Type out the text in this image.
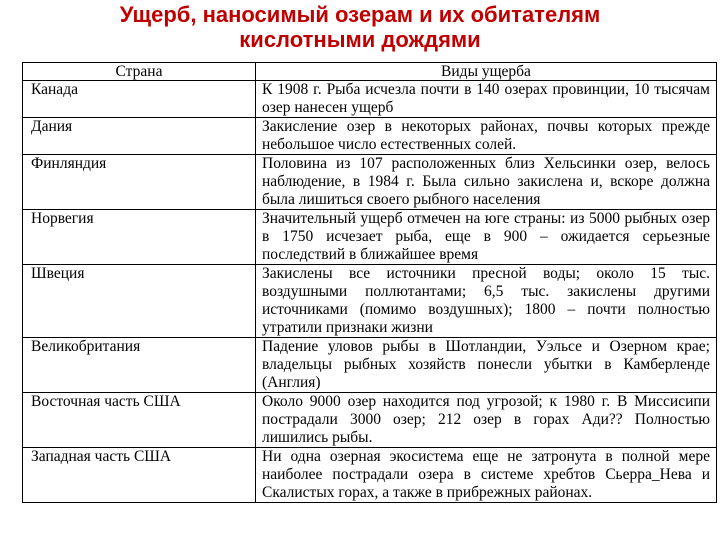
Ущерб, наносимый озерам и их обитателям
кислотными дождями
Страна	Виды ущерба
Канада	К 1908 г. Рыба исчезла почти в 140 озерах провинции, 10 тысячам озер нанесен ущерб
Дания	Закисление озер в некоторых районах, почвы которых прежде небольшое число естественных солей.
Финляндия	Половина из 107 расположенных близ Хельсинки озер, велось наблюдение, в 1984 г. Была сильно закислена и, вскоре должна была лишиться своего рыбного населения
Норвегия	Значительный ущерб отмечен на юге страны: из 5000 рыбных озер в 1750 исчезает рыба, еще в 900 – ожидается серьезные последствий в ближайшее время
Швеция	Закислены все источники пресной воды; около 15 тыс. воздушными поллютантами; 6,5 тыс. закислены другими источниками (помимо воздушных); 1800 – почти полностью утратили признаки жизни
Великобритания	Падение уловов рыбы в Шотландии, Уэльсе и Озерном крае; владельцы рыбных хозяйств понесли убытки в Камберленде (Англия)
Восточная часть США	Около 9000 озер находится под угрозой; к 1980 г. В Миссисипи пострадали 3000 озер; 212 озер в горах Ади?? Полностью лишились рыбы.
Западная часть США	Ни одна озерная экосистема еще не затронута в полной мере наиболее пострадали озера в системе хребтов Сьерра_Нева и Скалистых горах, а также в прибрежных районах.
